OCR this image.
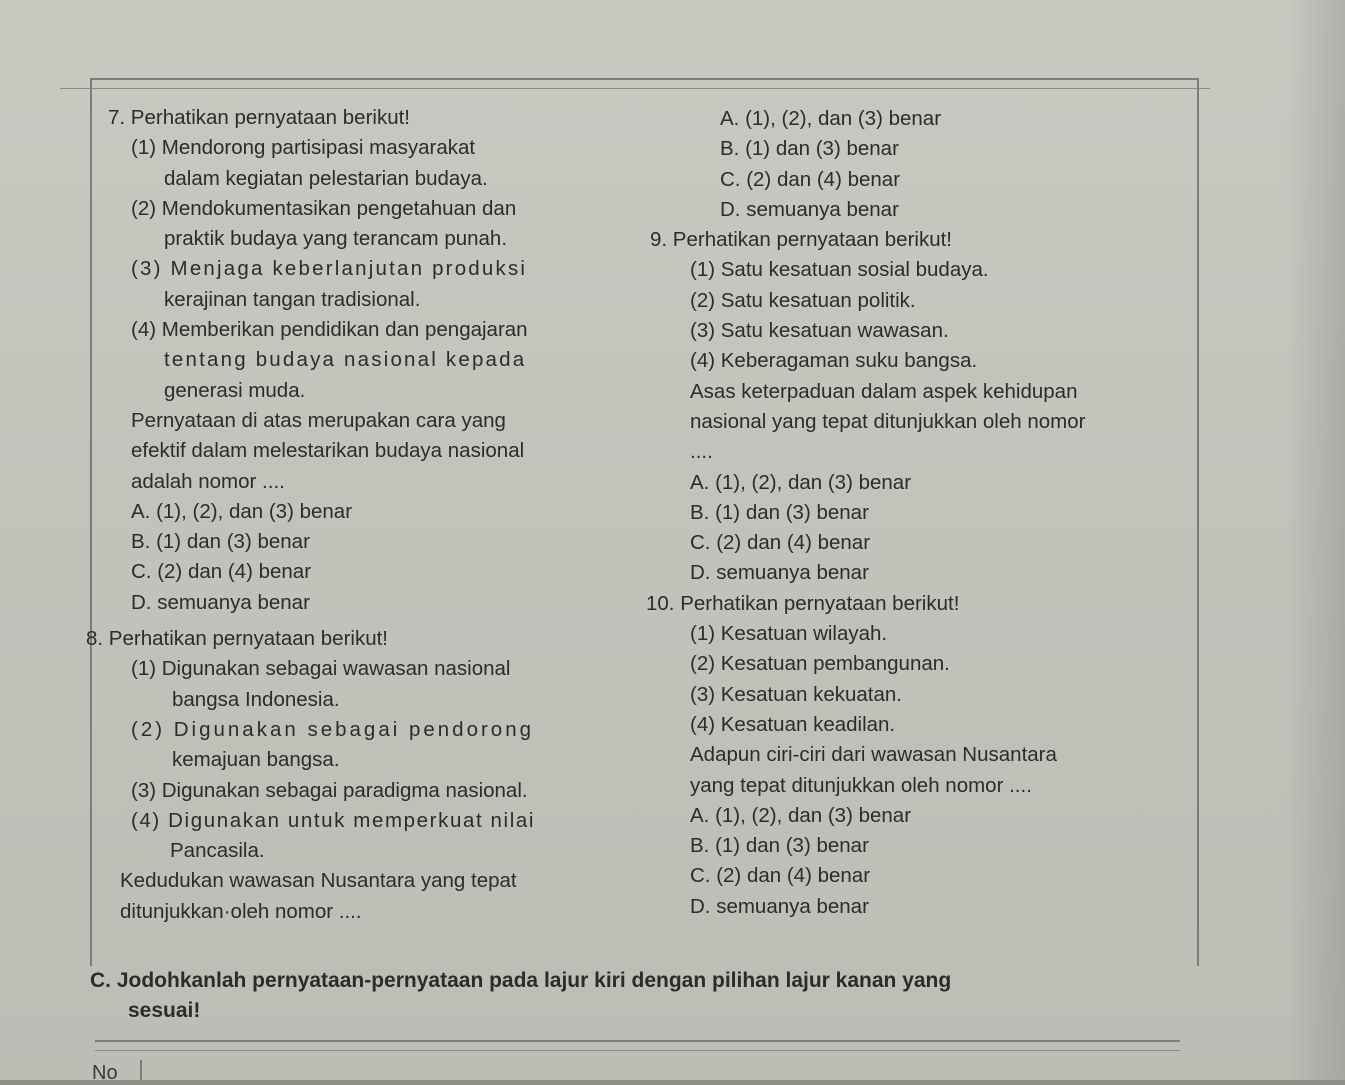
7. Perhatikan pernyataan berikut!
(1) Mendorong partisipasi masyarakat
dalam kegiatan pelestarian budaya.
(2) Mendokumentasikan pengetahuan dan
praktik budaya yang terancam punah.
(3) Menjaga keberlanjutan produksi
kerajinan tangan tradisional.
(4) Memberikan pendidikan dan pengajaran
tentang budaya nasional kepada
generasi muda.
Pernyataan di atas merupakan cara yang
efektif dalam melestarikan budaya nasional
adalah nomor ....
A. (1), (2), dan (3) benar
B. (1) dan (3) benar
C. (2) dan (4) benar
D. semuanya benar
8. Perhatikan pernyataan berikut!
(1) Digunakan sebagai wawasan nasional
bangsa Indonesia.
(2) Digunakan sebagai pendorong
kemajuan bangsa.
(3) Digunakan sebagai paradigma nasional.
(4) Digunakan untuk memperkuat nilai
Pancasila.
Kedudukan wawasan Nusantara yang tepat
ditunjukkan·oleh nomor ....
A. (1), (2), dan (3) benar
B. (1) dan (3) benar
C. (2) dan (4) benar
D. semuanya benar
9. Perhatikan pernyataan berikut!
(1) Satu kesatuan sosial budaya.
(2) Satu kesatuan politik.
(3) Satu kesatuan wawasan.
(4) Keberagaman suku bangsa.
Asas keterpaduan dalam aspek kehidupan
nasional yang tepat ditunjukkan oleh nomor
....
A. (1), (2), dan (3) benar
B. (1) dan (3) benar
C. (2) dan (4) benar
D. semuanya benar
10. Perhatikan pernyataan berikut!
(1) Kesatuan wilayah.
(2) Kesatuan pembangunan.
(3) Kesatuan kekuatan.
(4) Kesatuan keadilan.
Adapun ciri-ciri dari wawasan Nusantara
yang tepat ditunjukkan oleh nomor ....
A. (1), (2), dan (3) benar
B. (1) dan (3) benar
C. (2) dan (4) benar
D. semuanya benar
C. Jodohkanlah pernyataan-pernyataan pada lajur kiri dengan pilihan lajur kanan yang
sesuai!
No
